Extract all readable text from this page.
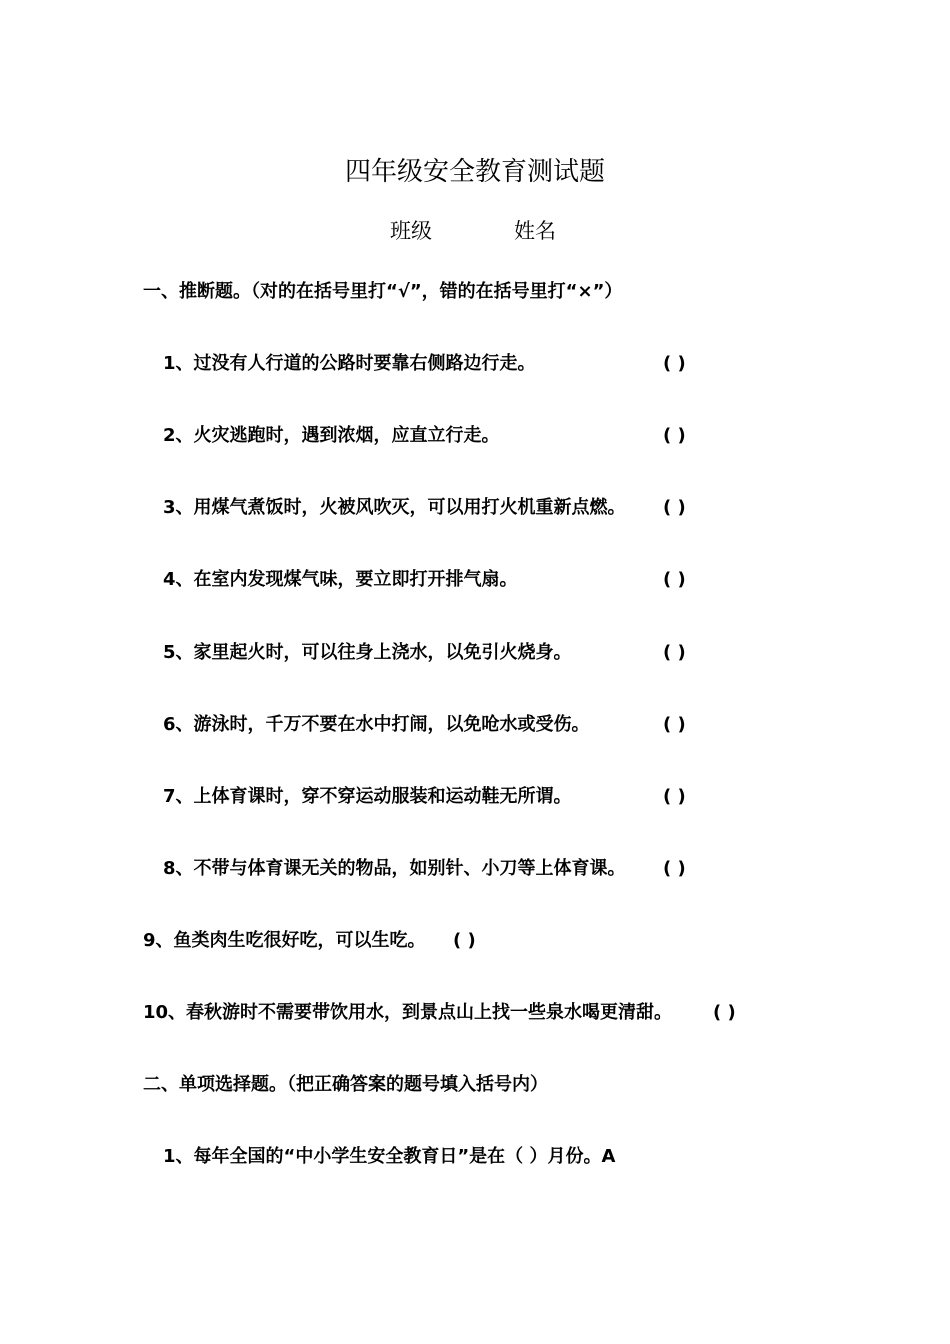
四年级安全教育测试题
班级	姓名
一、推断题。（对的在括号里打“√”，错的在括号里打“×”）
1、过没有人行道的公路时要靠右侧路边行走。	( )
2、火灾逃跑时，遇到浓烟，应直立行走。	( )
3、用煤气煮饭时，火被风吹灭，可以用打火机重新点燃。 ( )
4、在室内发现煤气味，要立即打开排气扇。	( )
5、家里起火时，可以往身上浇水，以免引火烧身。	( )
6、游泳时，千万不要在水中打闹，以免呛水或受伤。	( )
7、上体育课时，穿不穿运动服装和运动鞋无所谓。	( )
8、不带与体育课无关的物品，如别针、小刀等上体育课。 ( )
9、鱼类肉生吃很好吃，可以生吃。 ( )
10、春秋游时不需要带饮用水，到景点山上找一些泉水喝更清甜。 ( )
二、单项选择题。（把正确答案的题号填入括号内）
1、每年全国的“中小学生安全教育日”是在（ ）月份。A
